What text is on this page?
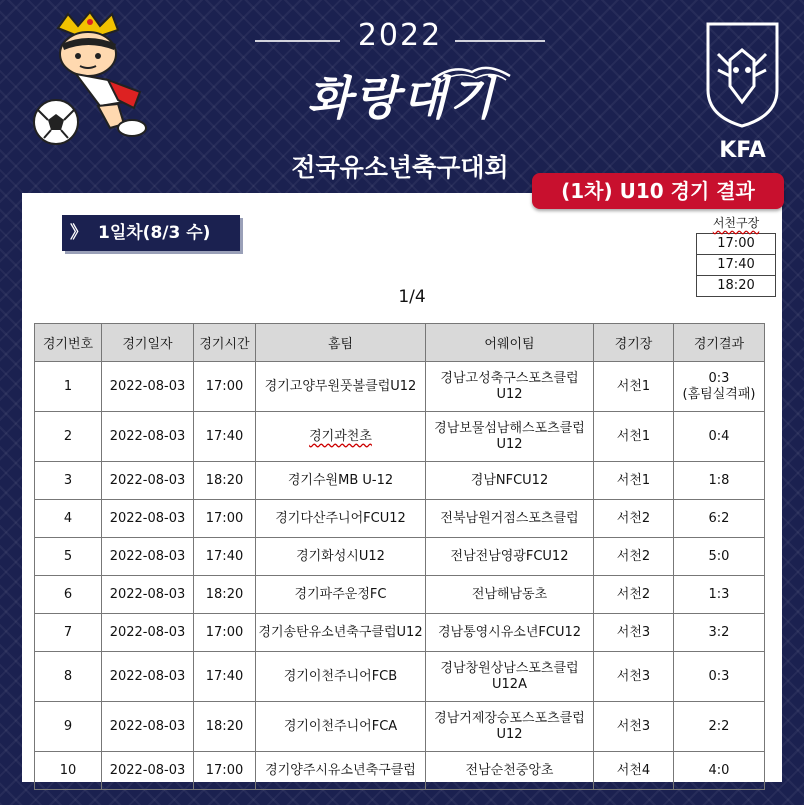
2022
화랑대기
전국유소년축구대회
KFA
》 1일차(8/3 수)	서천구장
17:00
17:40
18:20
1/4
경기번호	경기일자	경기시간	홈팀	어웨이팀	경기장	경기결과
1	2022-08-03	17:00	경기고양무원풋볼클럽U12	경남고성축구스포츠클럽U12	서천1	0:3
(홈팀실격패)
2	2022-08-03	17:40	경기과천초	경남보물섬남해스포츠클럽U12	서천1	0:4
3	2022-08-03	18:20	경기수원MB U-12	경남NFCU12	서천1	1:8
4	2022-08-03	17:00	경기다산주니어FCU12	전북남원거점스포츠클럽	서천2	6:2
5	2022-08-03	17:40	경기화성시U12	전남전남영광FCU12	서천2	5:0
6	2022-08-03	18:20	경기파주운정FC	전남해남동초	서천2	1:3
7	2022-08-03	17:00	경기송탄유소년축구클럽U12	경남통영시유소년FCU12	서천3	3:2
8	2022-08-03	17:40	경기이천주니어FCB	경남창원상남스포츠클럽U12A	서천3	0:3
9	2022-08-03	18:20	경기이천주니어FCA	경남거제장승포스포츠클럽U12	서천3	2:2
10	2022-08-03	17:00	경기양주시유소년축구클럽	전남순천중앙초	서천4	4:0
(1차) U10 경기 결과
